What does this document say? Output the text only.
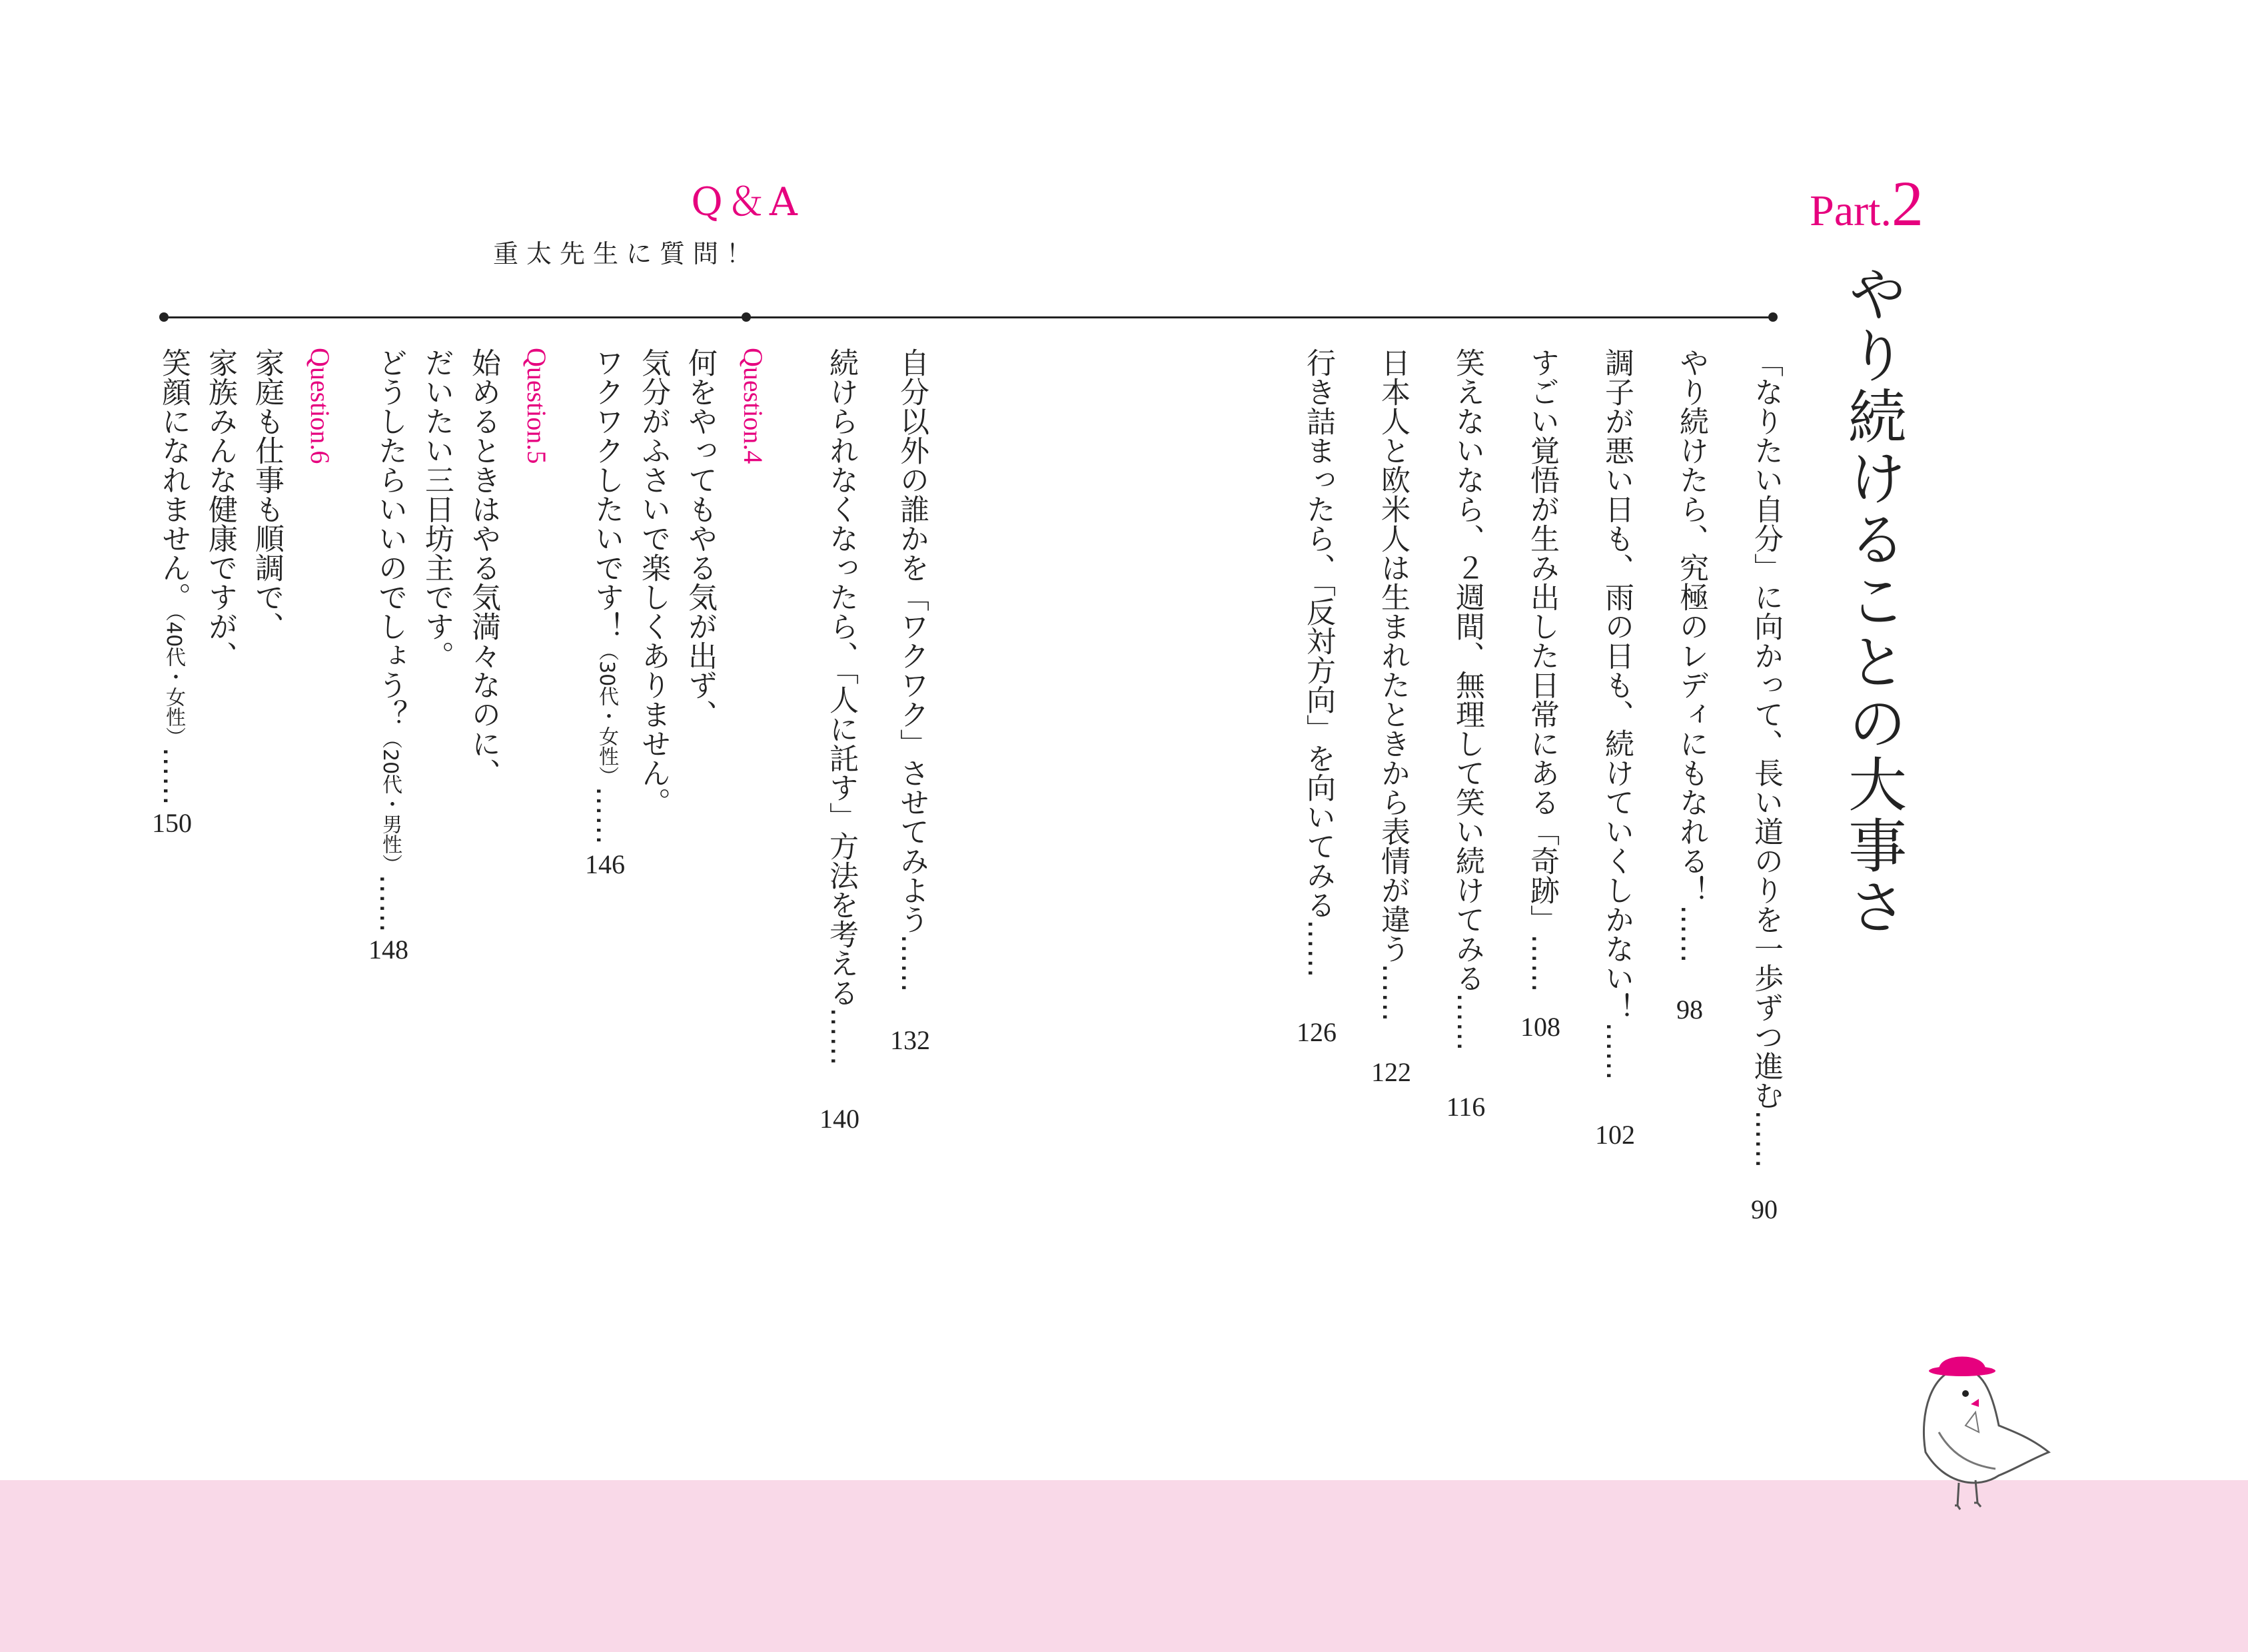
Part.2
やり続けることの大事さ
Q＆A
重太先生に質問！
「なりたい自分」に向かって、長い道のりを一歩ずつ進む……
90
やり続けたら、究極のレディにもなれる！……
98
調子が悪い日も、雨の日も、続けていくしかない！……
102
すごい覚悟が生み出した日常にある「奇跡」……
108
笑えないなら、２週間、無理して笑い続けてみる……
116
日本人と欧米人は生まれたときから表情が違う……
122
行き詰まったら、「反対方向」を向いてみる……
126
自分以外の誰かを「ワクワク」させてみよう……
132
続けられなくなったら、「人に託す」方法を考える……
140
Question.4
何をやってもやる気が出ず、
気分がふさいで楽しくありません。
ワクワクしたいです！（30代・女性）……
146
Question.5
始めるときはやる気満々なのに、
だいたい三日坊主です。
どうしたらいいのでしょう？（20代・男性）……
148
Question.6
家庭も仕事も順調で、
家族みんな健康ですが、
笑顔になれません。（40代・女性）……
150
